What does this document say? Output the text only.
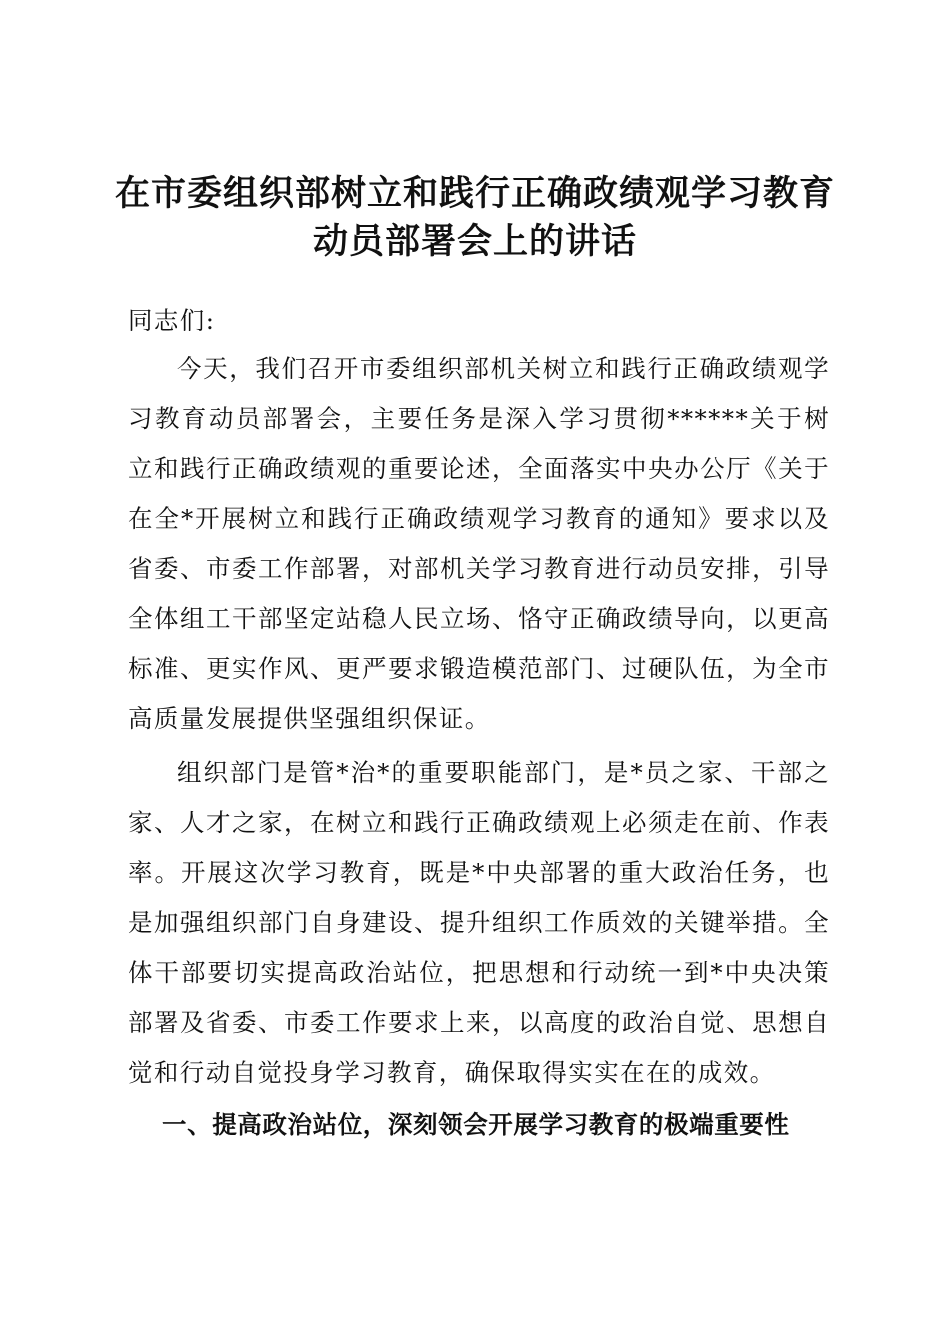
在市委组织部树立和践行正确政绩观学习教育
动员部署会上的讲话
同志们:

今天，我们召开市委组织部机关树立和践行正确政绩观学习教育动员部署会，主要任务是深入学习贯彻******关于树立和践行正确政绩观的重要论述，全面落实中央办公厅《关于在全*开展树立和践行正确政绩观学习教育的通知》要求以及省委、市委工作部署，对部机关学习教育进行动员安排，引导全体组工干部坚定站稳人民立场、恪守正确政绩导向，以更高标准、更实作风、更严要求锻造模范部门、过硬队伍，为全市高质量发展提供坚强组织保证。

组织部门是管*治*的重要职能部门，是*员之家、干部之家、人才之家，在树立和践行正确政绩观上必须走在前、作表率。开展这次学习教育，既是*中央部署的重大政治任务，也是加强组织部门自身建设、提升组织工作质效的关键举措。全体干部要切实提高政治站位，把思想和行动统一到*中央决策部署及省委、市委工作要求上来，以高度的政治自觉、思想自觉和行动自觉投身学习教育，确保取得实实在在的成效。

一、提高政治站位，深刻领会开展学习教育的极端重要性
